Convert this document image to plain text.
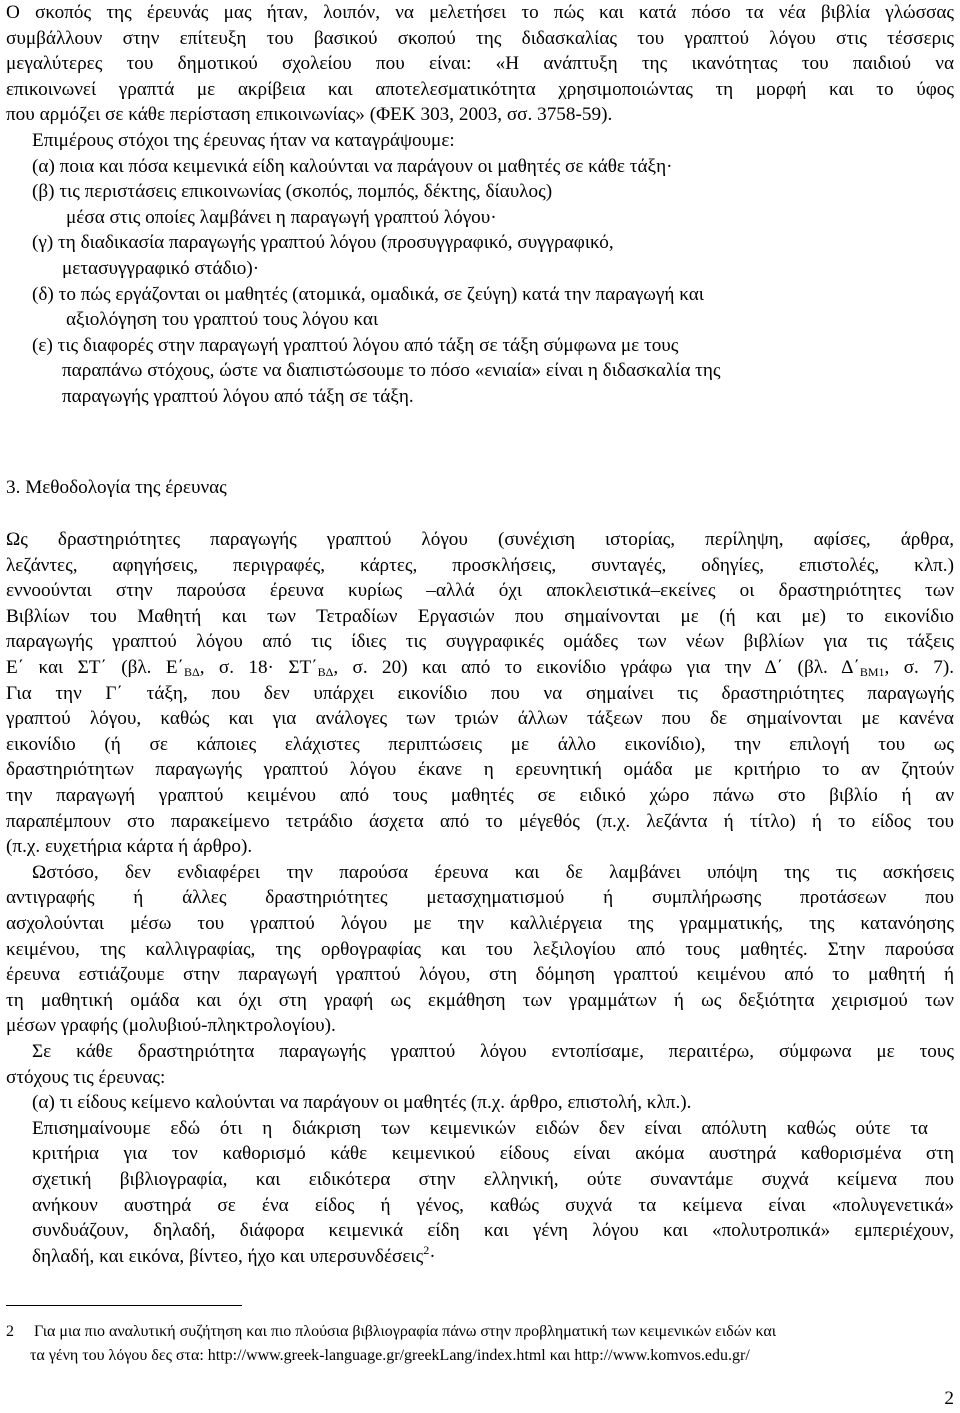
Ο σκοπός της έρευνάς μας ήταν, λοιπόν, να μελετήσει το πώς και κατά πόσο τα νέα βιβλία γλώσσας

συμβάλλουν στην επίτευξη του βασικού σκοπού της διδασκαλίας του γραπτού λόγου στις τέσσερις

μεγαλύτερες του δημοτικού σχολείου που είναι: «Η ανάπτυξη της ικανότητας του παιδιού να

επικοινωνεί γραπτά με ακρίβεια και αποτελεσματικότητα χρησιμοποιώντας τη μορφή και το ύφος

που αρμόζει σε κάθε περίσταση επικοινωνίας» (ΦΕΚ 303, 2003, σσ. 3758-59).

Επιμέρους στόχοι της έρευνας ήταν να καταγράψουμε:

(α) ποια και πόσα κειμενικά είδη καλούνται να παράγουν οι μαθητές σε κάθε τάξη·

(β) τις περιστάσεις επικοινωνίας (σκοπός, πομπός, δέκτης, δίαυλος)

μέσα στις οποίες λαμβάνει η παραγωγή γραπτού λόγου·

(γ) τη διαδικασία παραγωγής γραπτού λόγου (προσυγγραφικό, συγγραφικό,

μετασυγγραφικό στάδιο)·

(δ) το πώς εργάζονται οι μαθητές (ατομικά, ομαδικά, σε ζεύγη) κατά την παραγωγή και

αξιολόγηση του γραπτού τους λόγου και

(ε) τις διαφορές στην παραγωγή γραπτού λόγου από τάξη σε τάξη σύμφωνα με τους

παραπάνω στόχους, ώστε να διαπιστώσουμε το πόσο «ενιαία» είναι η διδασκαλία της

παραγωγής γραπτού λόγου από τάξη σε τάξη.

3. Μεθοδολογία της έρευνας

Ως δραστηριότητες παραγωγής γραπτού λόγου (συνέχιση ιστορίας, περίληψη, αφίσες, άρθρα,

λεζάντες, αφηγήσεις, περιγραφές, κάρτες, προσκλήσεις, συνταγές, οδηγίες, επιστολές, κλπ.)

εννοούνται στην παρούσα έρευνα κυρίως –αλλά όχι αποκλειστικά–εκείνες οι δραστηριότητες των

Βιβλίων του Μαθητή και των Τετραδίων Εργασιών που σημαίνονται με (ή και με) το εικονίδιο

παραγωγής γραπτού λόγου από τις ίδιες τις συγγραφικές ομάδες των νέων βιβλίων για τις τάξεις

Ε΄ και ΣΤ΄ (βλ. $E΄_{B\Delta}$, σ. $18\cdot \Sigma T΄_{B\Delta}$, σ. 20) και από το εικονίδιο γράφω για την Δ΄ (βλ. $\Delta΄_{BM1}$, σ. 7).

Για την Γ΄ τάξη, που δεν υπάρχει εικονίδιο που να σημαίνει τις δραστηριότητες παραγωγής

γραπτού λόγου, καθώς και για ανάλογες των τριών άλλων τάξεων που δε σημαίνονται με κανένα

εικονίδιο (ή σε κάποιες ελάχιστες περιπτώσεις με άλλο εικονίδιο), την επιλογή του ως

δραστηριότητων παραγωγής γραπτού λόγου έκανε η ερευνητική ομάδα με κριτήριο το αν ζητούν

την παραγωγή γραπτού κειμένου από τους μαθητές σε ειδικό χώρο πάνω στο βιβλίο ή αν

παραπέμπουν στο παρακείμενο τετράδιο άσχετα από το μέγεθός (π.χ. λεζάντα ή τίτλο) ή το είδος του

(π.χ. ευχετήρια κάρτα ή άρθρο).

Ωστόσο, δεν ενδιαφέρει την παρούσα έρευνα και δε λαμβάνει υπόψη της τις ασκήσεις

αντιγραφής ή άλλες δραστηριότητες μετασχηματισμού ή συμπλήρωσης προτάσεων που

ασχολούνται μέσω του γραπτού λόγου με την καλλιέργεια της γραμματικής, της κατανόησης

κειμένου, της καλλιγραφίας, της ορθογραφίας και του λεξιλογίου από τους μαθητές. Στην παρούσα

έρευνα εστιάζουμε στην παραγωγή γραπτού λόγου, στη δόμηση γραπτού κειμένου από το μαθητή ή

τη μαθητική ομάδα και όχι στη γραφή ως εκμάθηση των γραμμάτων ή ως δεξιότητα χειρισμού των

μέσων γραφής (μολυβιού-πληκτρολογίου).

Σε κάθε δραστηριότητα παραγωγής γραπτού λόγου εντοπίσαμε, περαιτέρω, σύμφωνα με τους

στόχους τις έρευνας:

(α) τι είδους κείμενο καλούνται να παράγουν οι μαθητές (π.χ. άρθρο, επιστολή, κλπ.).

Επισημαίνουμε εδώ ότι η διάκριση των κειμενικών ειδών δεν είναι απόλυτη καθώς ούτε τα

κριτήρια για τον καθορισμό κάθε κειμενικού είδους είναι ακόμα αυστηρά καθορισμένα στη

σχετική βιβλιογραφία, και ειδικότερα στην ελληνική, ούτε συναντάμε συχνά κείμενα που

ανήκουν αυστηρά σε ένα είδος ή γένος, καθώς συχνά τα κείμενα είναι «πολυγενετικά»

συνδυάζουν, δηλαδή, διάφορα κειμενικά είδη και γένη λόγου και «πολυτροπικά» εμπεριέχουν,

δηλαδή, και εικόνα, βίντεο, ήχο και υπερσυνδέσεις$^2$·

2 Για μια πιο αναλυτική συζήτηση και πιο πλούσια βιβλιογραφία πάνω στην προβληματική των κειμενικών ειδών και

τα γένη του λόγου δες στα: http://www.greek-language.gr/greekLang/index.html και http://www.komvos.edu.gr/

2
